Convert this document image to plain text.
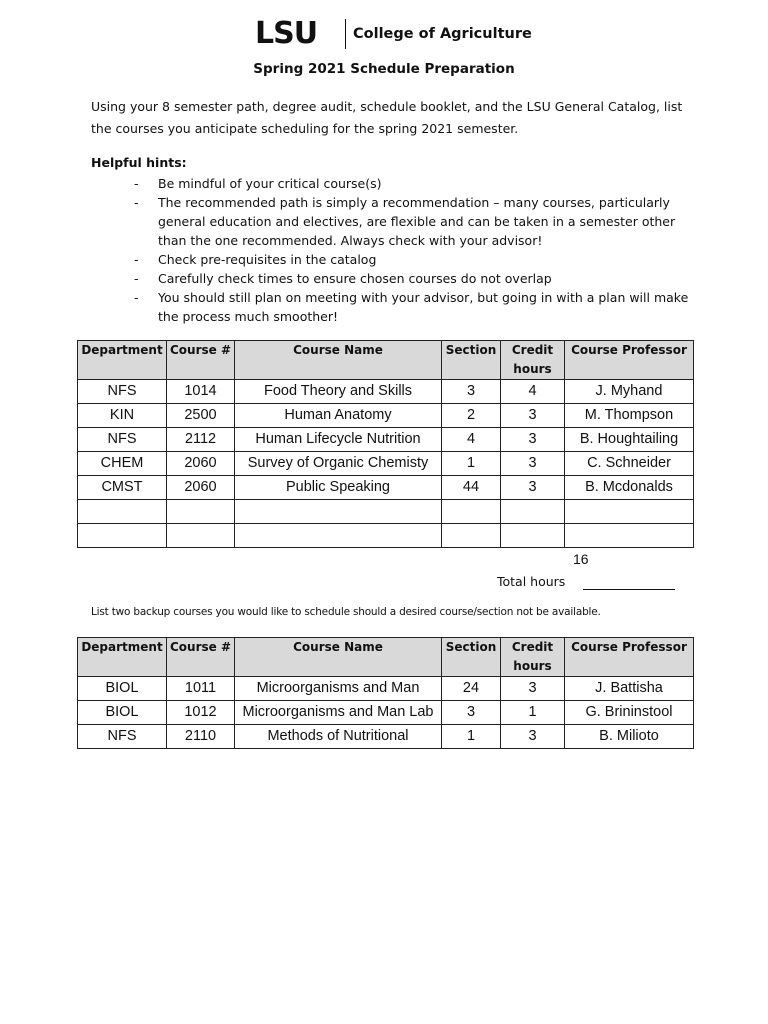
LSU College of Agriculture
Spring 2021 Schedule Preparation
Using your 8 semester path, degree audit, schedule booklet, and the LSU General Catalog, list the courses you anticipate scheduling for the spring 2021 semester.
Helpful hints:
- Be mindful of your critical course(s)
- The recommended path is simply a recommendation – many courses, particularly general education and electives, are flexible and can be taken in a semester other than the one recommended. Always check with your advisor!
- Check pre-requisites in the catalog
- Carefully check times to ensure chosen courses do not overlap
- You should still plan on meeting with your advisor, but going in with a plan will make the process much smoother!
Department	Course #	Course Name	Section	Credit hours	Course Professor
NFS	1014	Food Theory and Skills	3	4	J. Myhand
KIN	2500	Human Anatomy	2	3	M. Thompson
NFS	2112	Human Lifecycle Nutrition	4	3	B. Houghtailing
CHEM	2060	Survey of Organic Chemisty	1	3	C. Schneider
CMST	2060	Public Speaking	44	3	B. Mcdonalds

16
Total hours
List two backup courses you would like to schedule should a desired course/section not be available.
Department	Course #	Course Name	Section	Credit hours	Course Professor
BIOL	1011	Microorganisms and Man	24	3	J. Battisha
BIOL	1012	Microorganisms and Man Lab	3	1	G. Brininstool
NFS	2110	Methods of Nutritional	1	3	B. Milioto
